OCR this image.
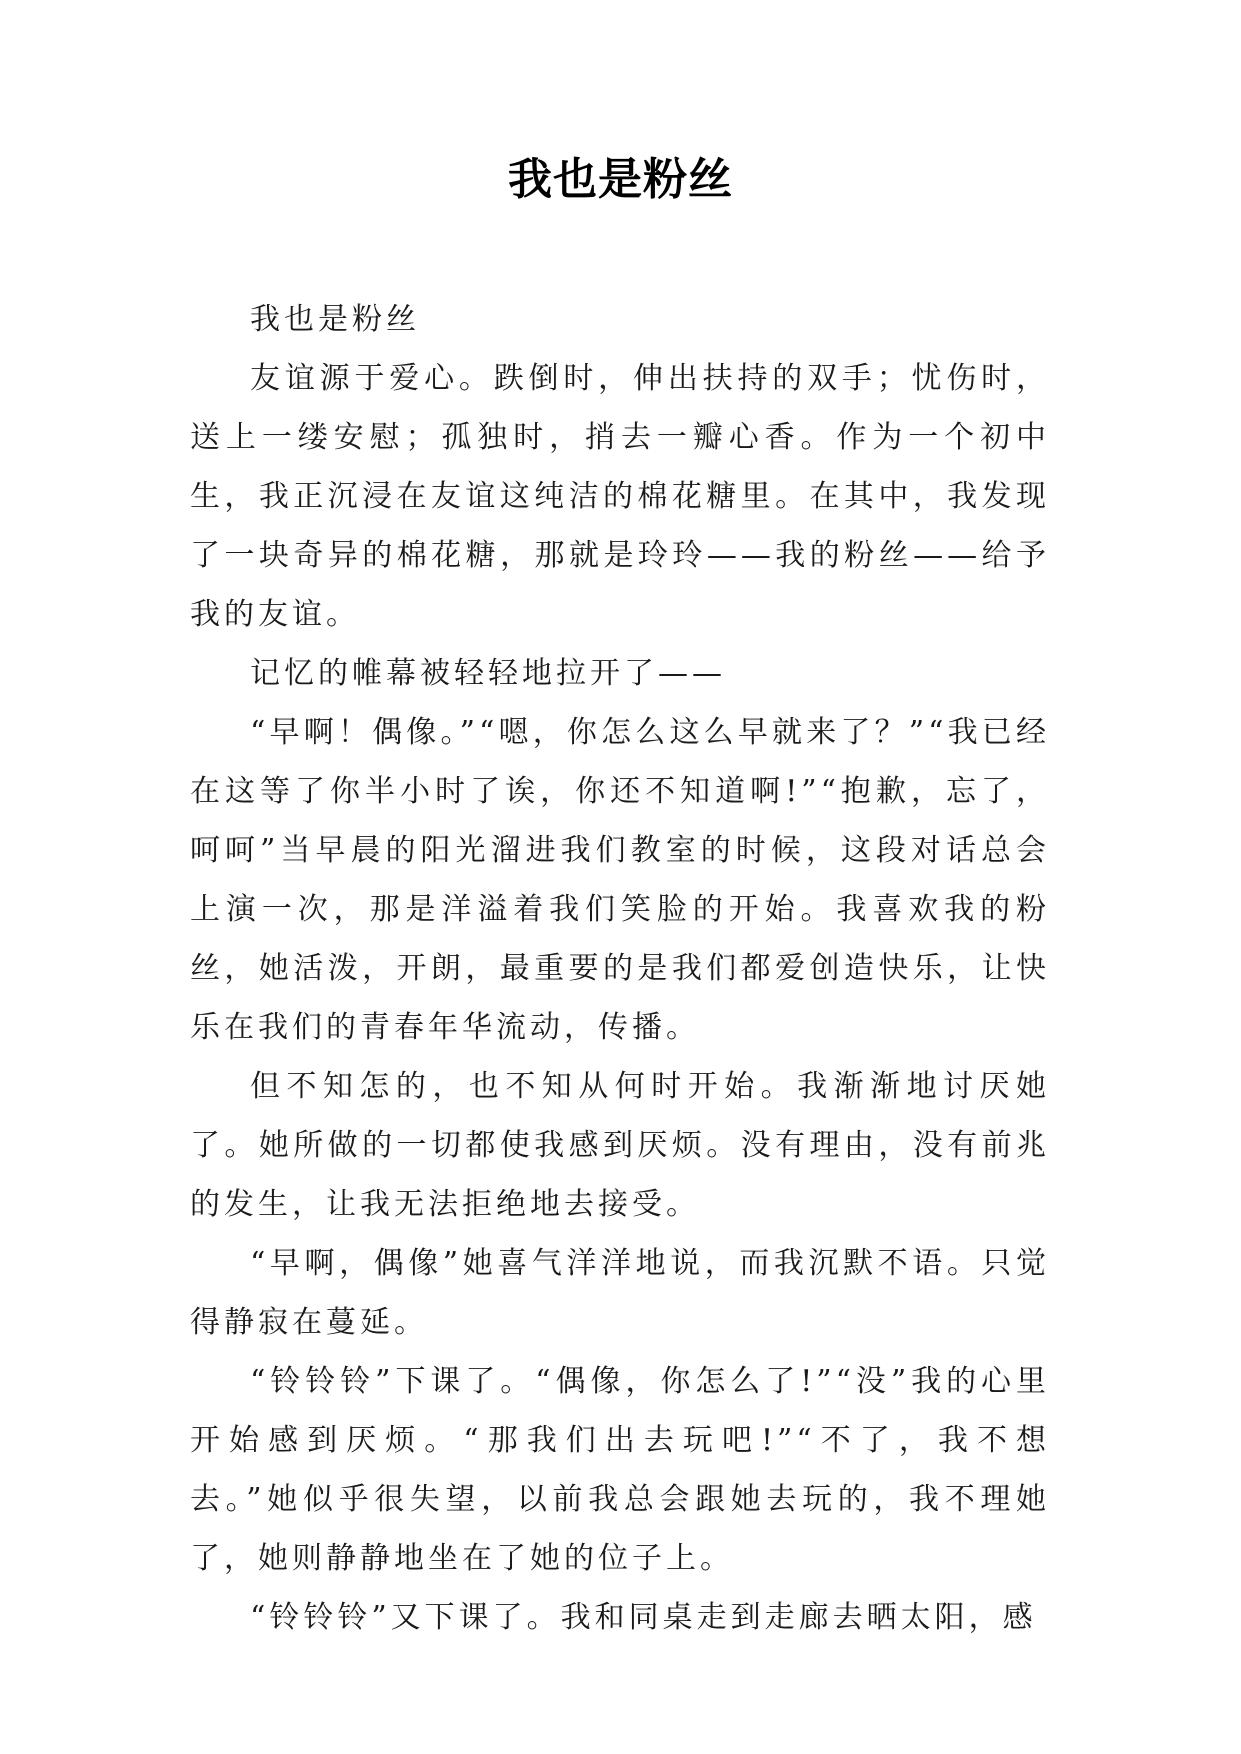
我也是粉丝

我也是粉丝

友谊源于爱心。跌倒时，伸出扶持的双手；忧伤时，送上一缕安慰；孤独时，捎去一瓣心香。作为一个初中生，我正沉浸在友谊这纯洁的棉花糖里。在其中，我发现了一块奇异的棉花糖，那就是玲玲——我的粉丝——给予我的友谊。

记忆的帷幕被轻轻地拉开了——

“早啊！偶像。”“嗯，你怎么这么早就来了？”“我已经在这等了你半小时了诶，你还不知道啊!”“抱歉，忘了，呵呵”当早晨的阳光溜进我们教室的时候，这段对话总会上演一次，那是洋溢着我们笑脸的开始。我喜欢我的粉丝，她活泼，开朗，最重要的是我们都爱创造快乐，让快乐在我们的青春年华流动，传播。

但不知怎的，也不知从何时开始。我渐渐地讨厌她了。她所做的一切都使我感到厌烦。没有理由，没有前兆的发生，让我无法拒绝地去接受。

“早啊，偶像”她喜气洋洋地说，而我沉默不语。只觉得静寂在蔓延。

“铃铃铃”下课了。“偶像，你怎么了!”“没”我的心里开始感到厌烦。“那我们出去玩吧!”“不了，我不想去。”她似乎很失望，以前我总会跟她去玩的，我不理她了，她则静静地坐在了她的位子上。

“铃铃铃”又下课了。我和同桌走到走廊去晒太阳，感
